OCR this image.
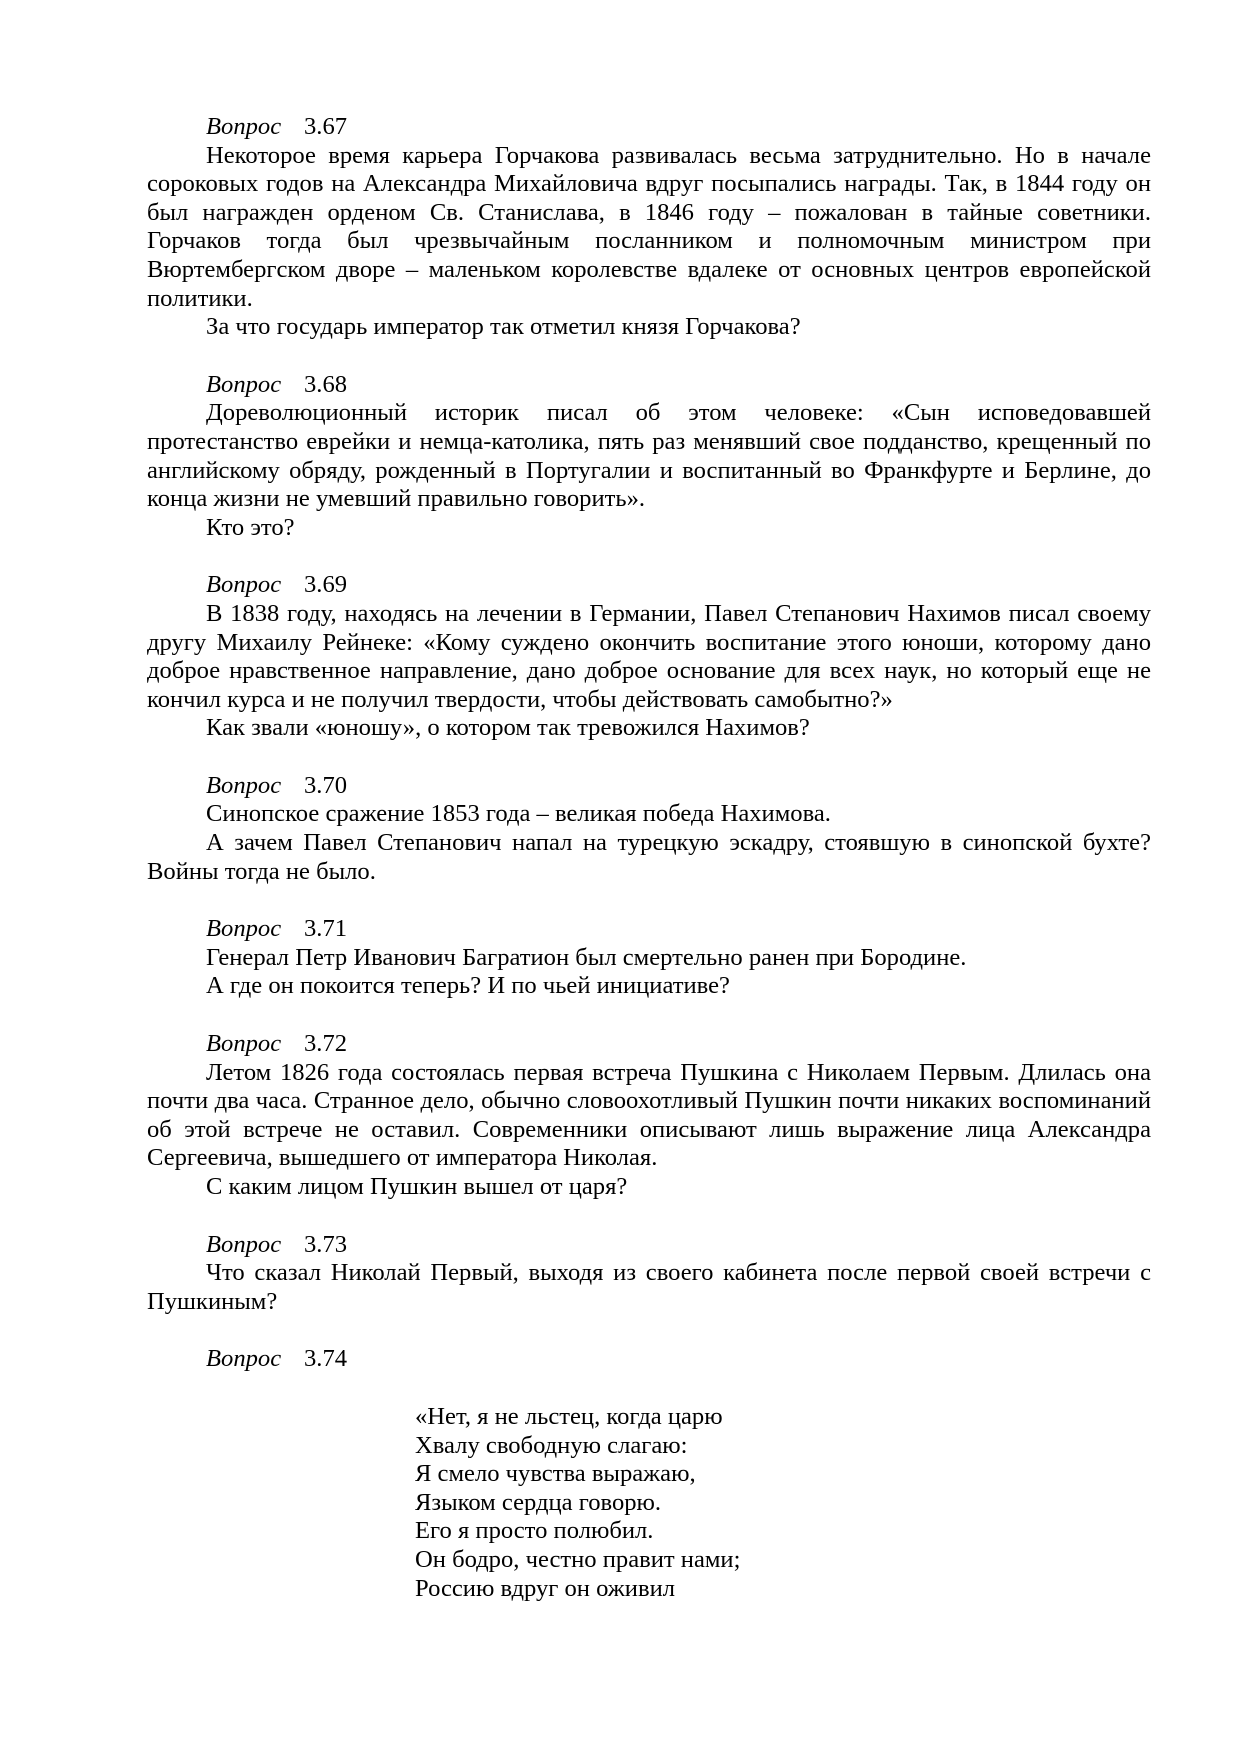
Вопрос 3.67
Некоторое время карьера Горчакова развивалась весьма затруднительно. Но в начале сороковых годов на Александра Михайловича вдруг посыпались награды. Так, в 1844 году он был награжден орденом Св. Станислава, в 1846 году – пожалован в тайные советники. Горчаков тогда был чрезвычайным посланником и полномочным министром при Вюртембергском дворе – маленьком королевстве вдалеке от основных центров европейской политики.
За что государь император так отметил князя Горчакова?
Вопрос 3.68
Дореволюционный историк писал об этом человеке: «Сын исповедовавшей протестанство еврейки и немца-католика, пять раз менявший свое подданство, крещенный по английскому обряду, рожденный в Португалии и воспитанный во Франкфурте и Берлине, до конца жизни не умевший правильно говорить».
Кто это?
Вопрос 3.69
В 1838 году, находясь на лечении в Германии, Павел Степанович Нахимов писал своему другу Михаилу Рейнеке: «Кому суждено окончить воспитание этого юноши, которому дано доброе нравственное направление, дано доброе основание для всех наук, но который еще не кончил курса и не получил твердости, чтобы действовать самобытно?»
Как звали «юношу», о котором так тревожился Нахимов?
Вопрос 3.70
Синопское сражение 1853 года – великая победа Нахимова.
А зачем Павел Степанович напал на турецкую эскадру, стоявшую в синопской бухте? Войны тогда не было.
Вопрос 3.71
Генерал Петр Иванович Багратион был смертельно ранен при Бородине.
А где он покоится теперь? И по чьей инициативе?
Вопрос 3.72
Летом 1826 года состоялась первая встреча Пушкина с Николаем Первым. Длилась она почти два часа. Странное дело, обычно словоохотливый Пушкин почти никаких воспоминаний об этой встрече не оставил. Современники описывают лишь выражение лица Александра Сергеевича, вышедшего от императора Николая.
С каким лицом Пушкин вышел от царя?
Вопрос 3.73
Что сказал Николай Первый, выходя из своего кабинета после первой своей встречи с Пушкиным?
Вопрос 3.74
«Нет, я не льстец, когда царю
Хвалу свободную слагаю:
Я смело чувства выражаю,
Языком сердца говорю.
Его я просто полюбил.
Он бодро, честно правит нами;
Россию вдруг он оживил
